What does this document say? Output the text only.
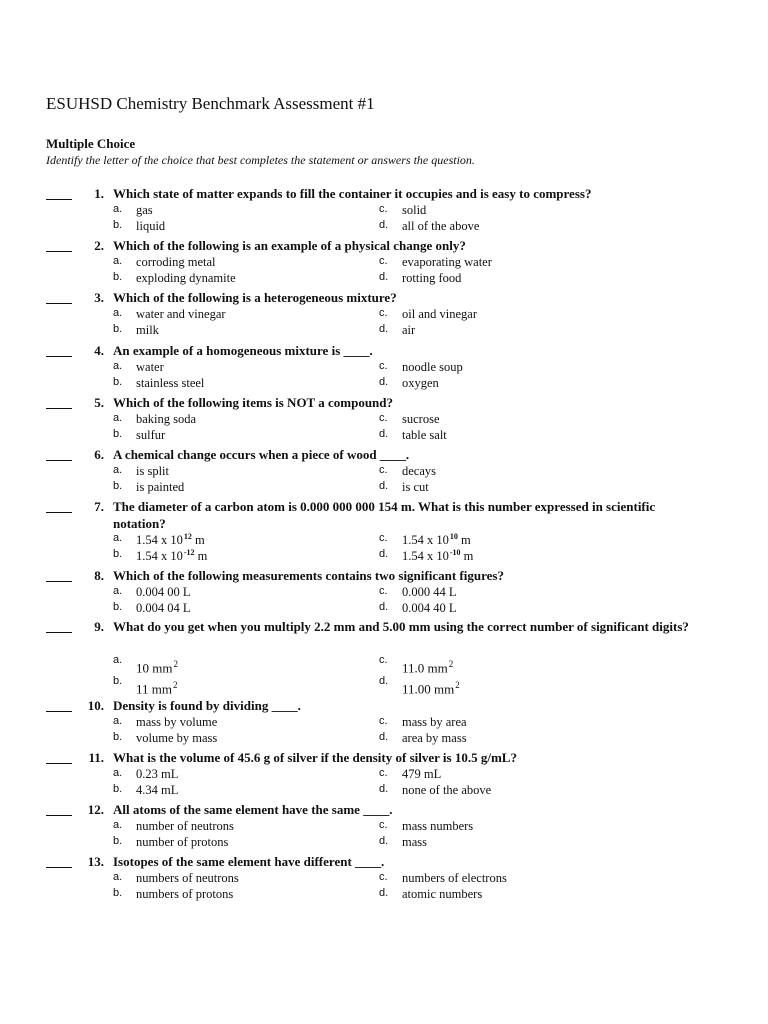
ESUHSD Chemistry Benchmark Assessment #1
Multiple Choice
Identify the letter of the choice that best completes the statement or answers the question.
1. Which state of matter expands to fill the container it occupies and is easy to compress?
a. gas
b. liquid
c. solid
d. all of the above
2. Which of the following is an example of a physical change only?
a. corroding metal
b. exploding dynamite
c. evaporating water
d. rotting food
3. Which of the following is a heterogeneous mixture?
a. water and vinegar
b. milk
c. oil and vinegar
d. air
4. An example of a homogeneous mixture is ____.
a. water
b. stainless steel
c. noodle soup
d. oxygen
5. Which of the following items is NOT a compound?
a. baking soda
b. sulfur
c. sucrose
d. table salt
6. A chemical change occurs when a piece of wood ____.
a. is split
b. is painted
c. decays
d. is cut
7. The diameter of a carbon atom is 0.000 000 000 154 m. What is this number expressed in scientific notation?
a. 1.54 x $10^{12}$ m
b. 1.54 x $10^{-12}$ m
c. 1.54 x $10^{10}$ m
d. 1.54 x $10^{-10}$ m
8. Which of the following measurements contains two significant figures?
a. 0.004 00 L
b. 0.004 04 L
c. 0.000 44 L
d. 0.004 40 L
9. What do you get when you multiply 2.2 mm and 5.00 mm using the correct number of significant digits?
a.
10 $mm^2$
b.
11 $mm^2$
c.
11.0 $mm^2$
d.
11.00 $mm^2$
10. Density is found by dividing ____.
a. mass by volume
b. volume by mass
c. mass by area
d. area by mass
11. What is the volume of 45.6 g of silver if the density of silver is 10.5 g/mL?
a. 0.23 mL
b. 4.34 mL
c. 479 mL
d. none of the above
12. All atoms of the same element have the same ____.
a. number of neutrons
b. number of protons
c. mass numbers
d. mass
13. Isotopes of the same element have different ____.
a. numbers of neutrons
b. numbers of protons
c. numbers of electrons
d. atomic numbers
